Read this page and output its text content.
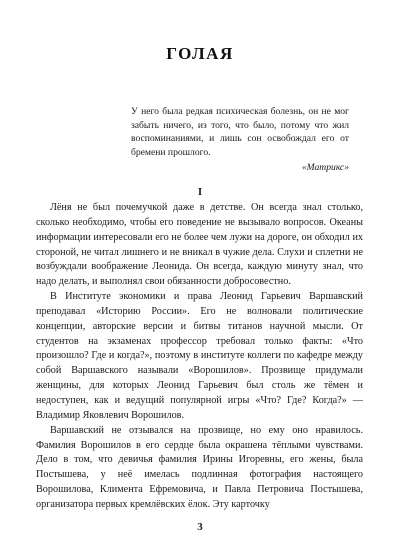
ГОЛАЯ

У него была редкая психическая болезнь, он не мог забыть ничего, из того, что было, потому что жил воспоминаниями, и лишь сон освобождал его от бремени прошлого.

«Матрикс»

I

Лёня не был почемучкой даже в детстве. Он всегда знал столько, сколько необходимо, чтобы его поведение не вызывало вопросов. Океаны информации интересовали его не более чем лужи на дороге, он обходил их стороной, не читал лишнего и не вникал в чужие дела. Слухи и сплетни не возбуждали воображение Леонида. Он всегда, каждую минуту знал, что надо делать, и выполнял свои обязанности добросовестно.

В Институте экономики и права Леонид Гарьевич Варшавский преподавал «Историю России». Его не волновали политические концепции, авторские версии и битвы титанов научной мысли. От студентов на экзаменах профессор требовал только факты: «Что произошло? Где и когда?», поэтому в институте коллеги по кафедре между собой Варшавского называли «Ворошилов». Прозвище придумали женщины, для которых Леонид Гарьевич был столь же тёмен и недоступен, как и ведущий популярной игры «Что? Где? Когда?» — Владимир Яковлевич Ворошилов.

Варшавский не отзывался на прозвище, но ему оно нравилось. Фамилия Ворошилов в его сердце была окрашена тёплыми чувствами. Дело в том, что девичья фамилия Ирины Игоревны, его жены, была Постышева, у неё имелась подлинная фотография настоящего Ворошилова, Климента Ефремовича, и Павла Петровича Постышева, организатора первых кремлёвских ёлок. Эту карточку

3
